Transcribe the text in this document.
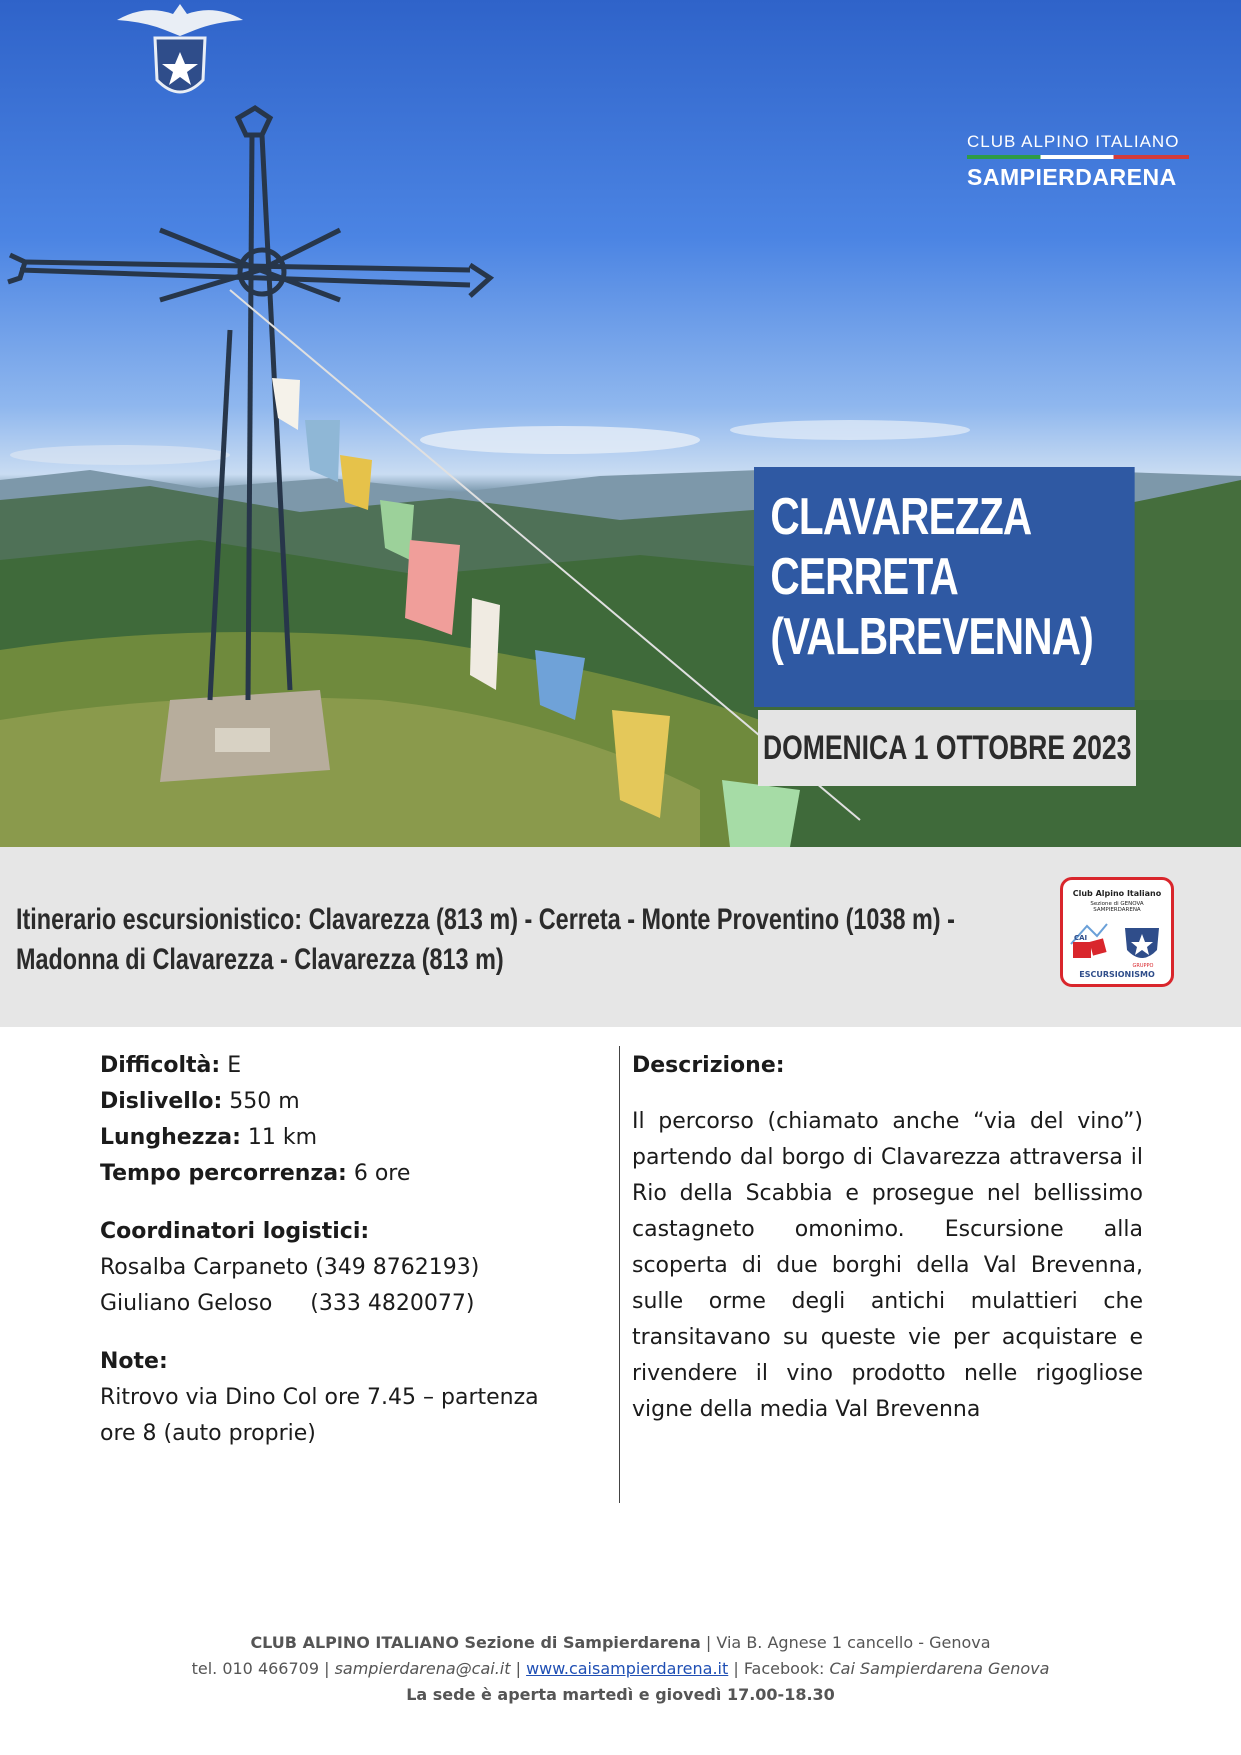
CLUB ALPINO ITALIANO
SAMPIERDARENA
CLAVAREZZA
CERRETA
(VALBREVENNA)
DOMENICA 1 OTTOBRE 2023
Itinerario escursionistico: Clavarezza (813 m) - Cerreta - Monte Proventino (1038 m) -
Madonna di Clavarezza - Clavarezza (813 m)
Club Alpino Italiano
Sezione di GENOVA
SAMPIERDARENA
CAI
GRUPPO
ESCURSIONISMO
Difficoltà: E
Dislivello: 550 m
Lunghezza: 11 km
Tempo percorrenza: 6 ore
Coordinatori logistici:
Rosalba Carpaneto (349 8762193)
Giuliano Geloso (333 4820077)
Note:
Ritrovo via Dino Col ore 7.45 – partenza ore 8 (auto proprie)
Descrizione:
Il percorso (chiamato anche “via del vino”) partendo dal borgo di Clavarezza attraversa il Rio della Scabbia e prosegue nel bellissimo castagneto omonimo. Escursione alla scoperta di due borghi della Val Brevenna, sulle orme degli antichi mulattieri che transitavano su queste vie per acquistare e rivendere il vino prodotto nelle rigogliose vigne della media Val Brevenna
CLUB ALPINO ITALIANO Sezione di Sampierdarena | Via B. Agnese 1 cancello - Genova
tel. 010 466709 | sampierdarena@cai.it | www.caisampierdarena.it | Facebook: Cai Sampierdarena Genova
La sede è aperta martedì e giovedì 17.00-18.30
